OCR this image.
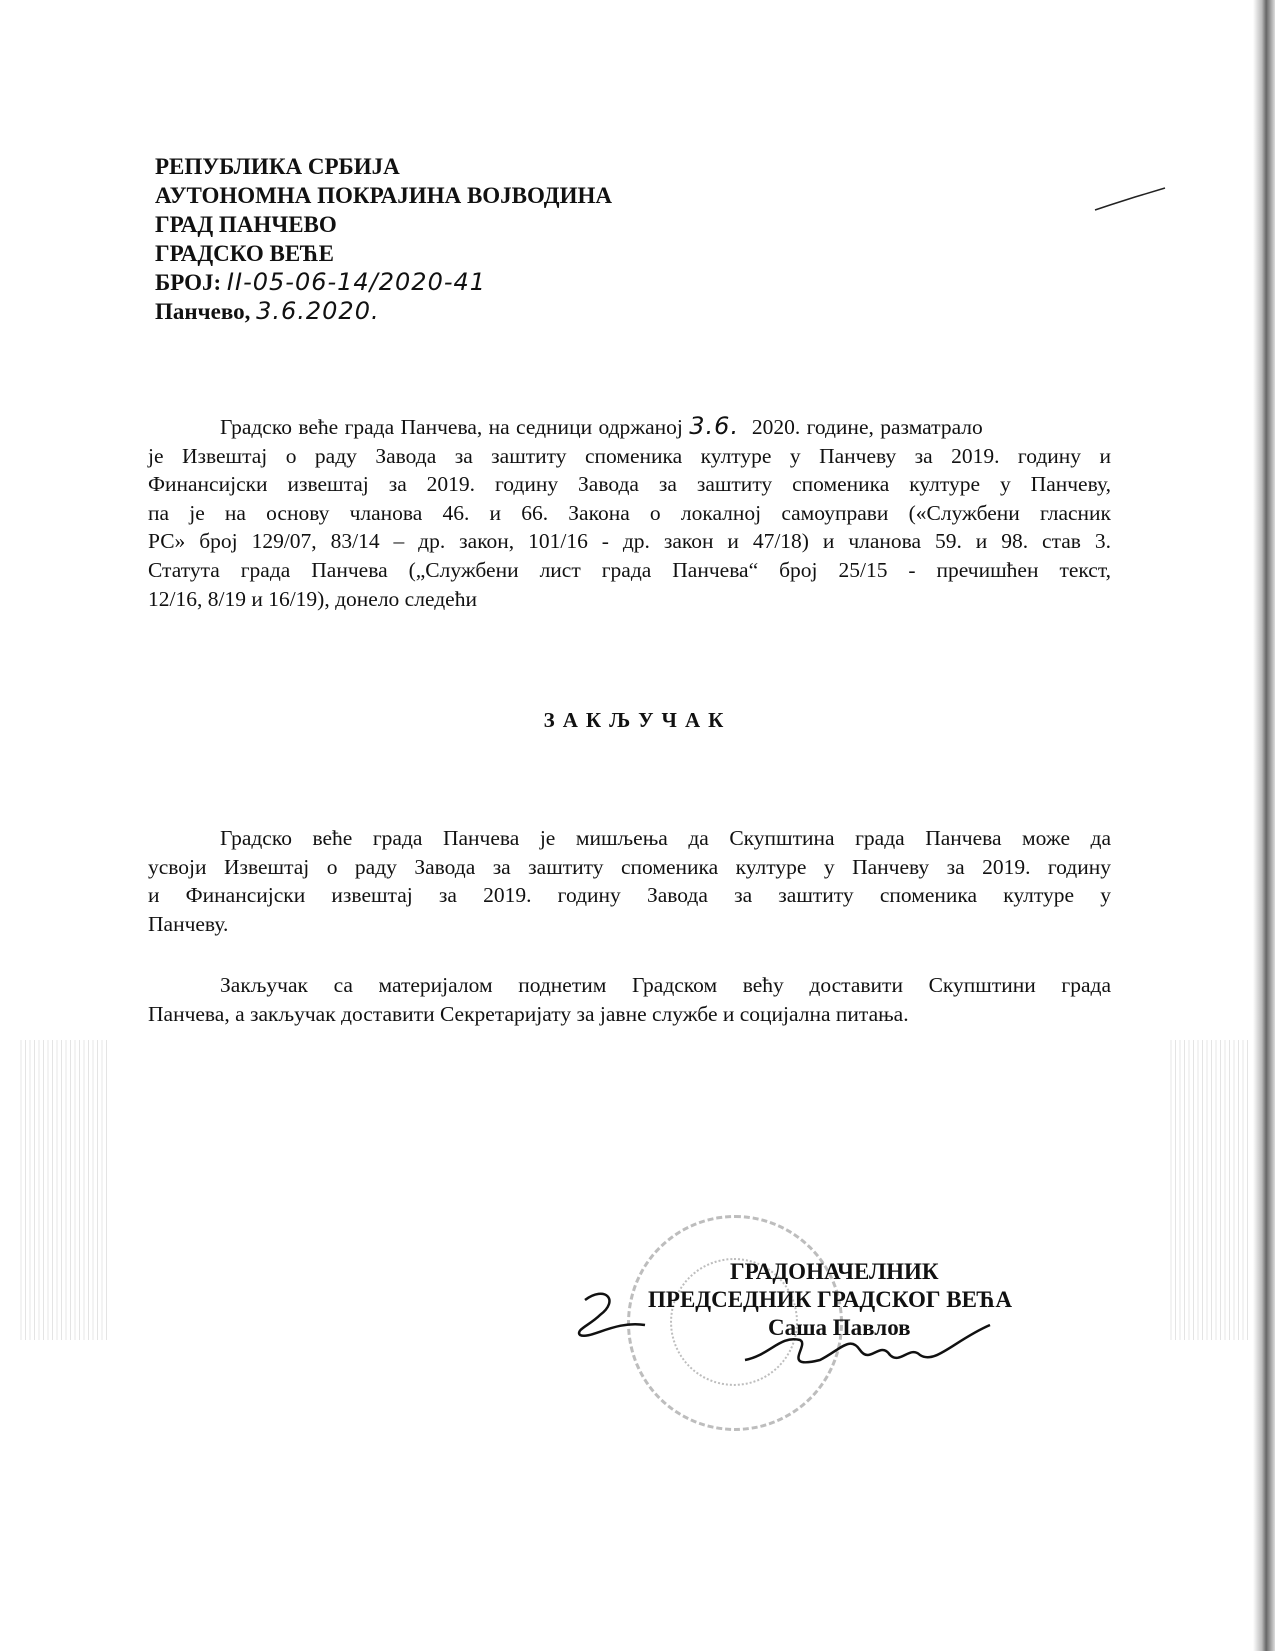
РЕПУБЛИКА СРБИЈА
АУТОНОМНА ПОКРАЈИНА ВОЈВОДИНА
ГРАД ПАНЧЕВО
ГРАДСКО ВЕЋЕ
БРОЈ: II-05-06-14/2020-41
Панчево, 3.6.2020.
Градско веће града Панчева, на седници одржаној 3.6. 2020. године, разматрало
је Извештај о раду Завода за заштиту споменика културе у Панчеву за 2019. годину и
Финансијски извештај за 2019. годину Завода за заштиту споменика културе у Панчеву,
па је на основу чланова 46. и 66. Закона о локалној самоуправи («Службени гласник
РС» број 129/07, 83/14 – др. закон, 101/16 - др. закон и 47/18) и чланова 59. и 98. став 3.
Статута града Панчева („Службени лист града Панчева“ број 25/15 - пречишћен текст,
12/16, 8/19 и 16/19), донело следећи
ЗАКЉУЧАК
Градско веће града Панчева је мишљења да Скупштина града Панчева може да
усвоји Извештај о раду Завода за заштиту споменика културе у Панчеву за 2019. годину
и Финансијски извештај за 2019. годину Завода за заштиту споменика културе у
Панчеву.
Закључак са материјалом поднетим Градском већу доставити Скупштини града
Панчева, а закључак доставити Секретаријату за јавне службе и социјална питања.
ГРАДОНАЧЕЛНИК
ПРЕДСЕДНИК ГРАДСКОГ ВЕЋА
Саша Павлов
